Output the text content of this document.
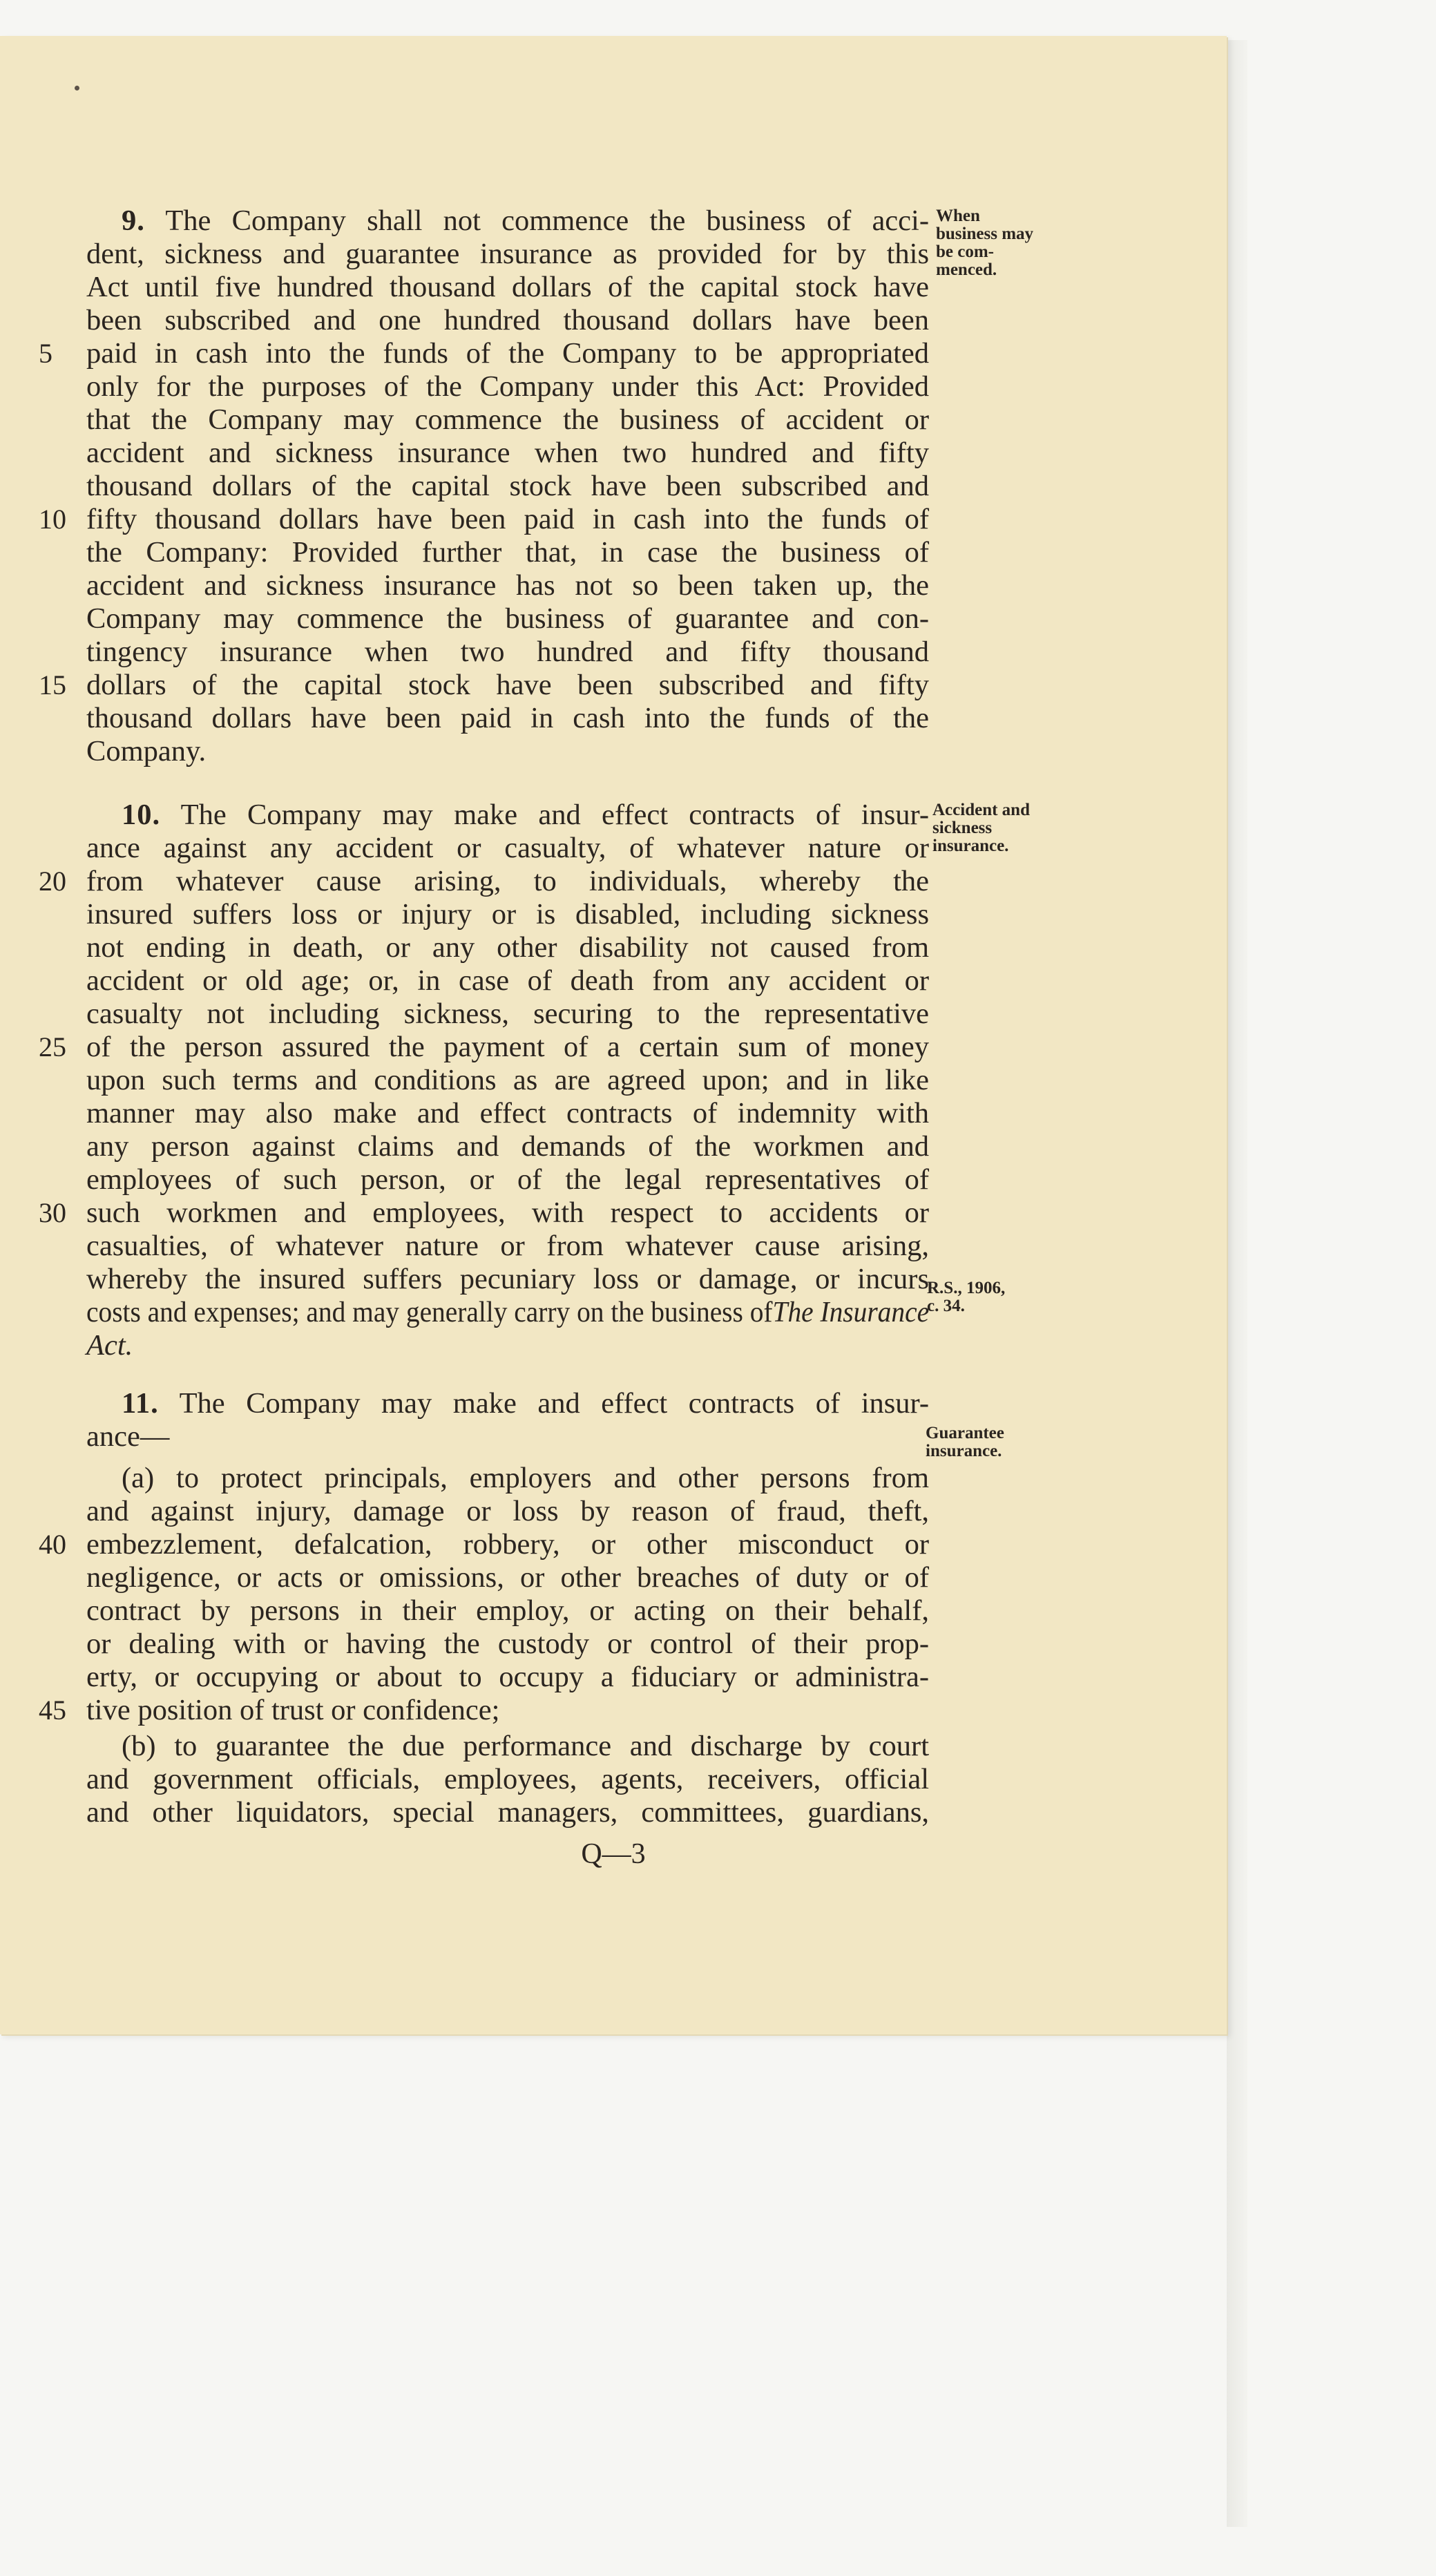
9. The Company shall not commence the business of acci-
dent, sickness and guarantee insurance as provided for by this
Act until five hundred thousand dollars of the capital stock have
been subscribed and one hundred thousand dollars have been
paid in cash into the funds of the Company to be appropriated
only for the purposes of the Company under this Act: Provided
that the Company may commence the business of accident or
accident and sickness insurance when two hundred and fifty
thousand dollars of the capital stock have been subscribed and
fifty thousand dollars have been paid in cash into the funds of
the Company: Provided further that, in case the business of
accident and sickness insurance has not so been taken up, the
Company may commence the business of guarantee and con-
tingency insurance when two hundred and fifty thousand
dollars of the capital stock have been subscribed and fifty
thousand dollars have been paid in cash into the funds of the
Company.
5
10
15
When
business may
be com-
menced.
10. The Company may make and effect contracts of insur-
ance against any accident or casualty, of whatever nature or
from whatever cause arising, to individuals, whereby the
insured suffers loss or injury or is disabled, including sickness
not ending in death, or any other disability not caused from
accident or old age; or, in case of death from any accident or
casualty not including sickness, securing to the representative
of the person assured the payment of a certain sum of money
upon such terms and conditions as are agreed upon; and in like
manner may also make and effect contracts of indemnity with
any person against claims and demands of the workmen and
employees of such person, or of the legal representatives of
such workmen and employees, with respect to accidents or
casualties, of whatever nature or from whatever cause arising,
whereby the insured suffers pecuniary loss or damage, or incurs
costs and expenses; and may generally carry on the business ofThe Insurance
Act.
20
25
30
Accident and
sickness
insurance.
R.S., 1906,
c. 34.
11. The Company may make and effect contracts of insur-
ance—
(a) to protect principals, employers and other persons from
and against injury, damage or loss by reason of fraud, theft,
embezzlement, defalcation, robbery, or other misconduct or
negligence, or acts or omissions, or other breaches of duty or of
contract by persons in their employ, or acting on their behalf,
or dealing with or having the custody or control of their prop-
erty, or occupying or about to occupy a fiduciary or administra-
tive position of trust or confidence;
(b) to guarantee the due performance and discharge by court
and government officials, employees, agents, receivers, official
and other liquidators, special managers, committees, guardians,
40
45
Guarantee
insurance.
Q—3
